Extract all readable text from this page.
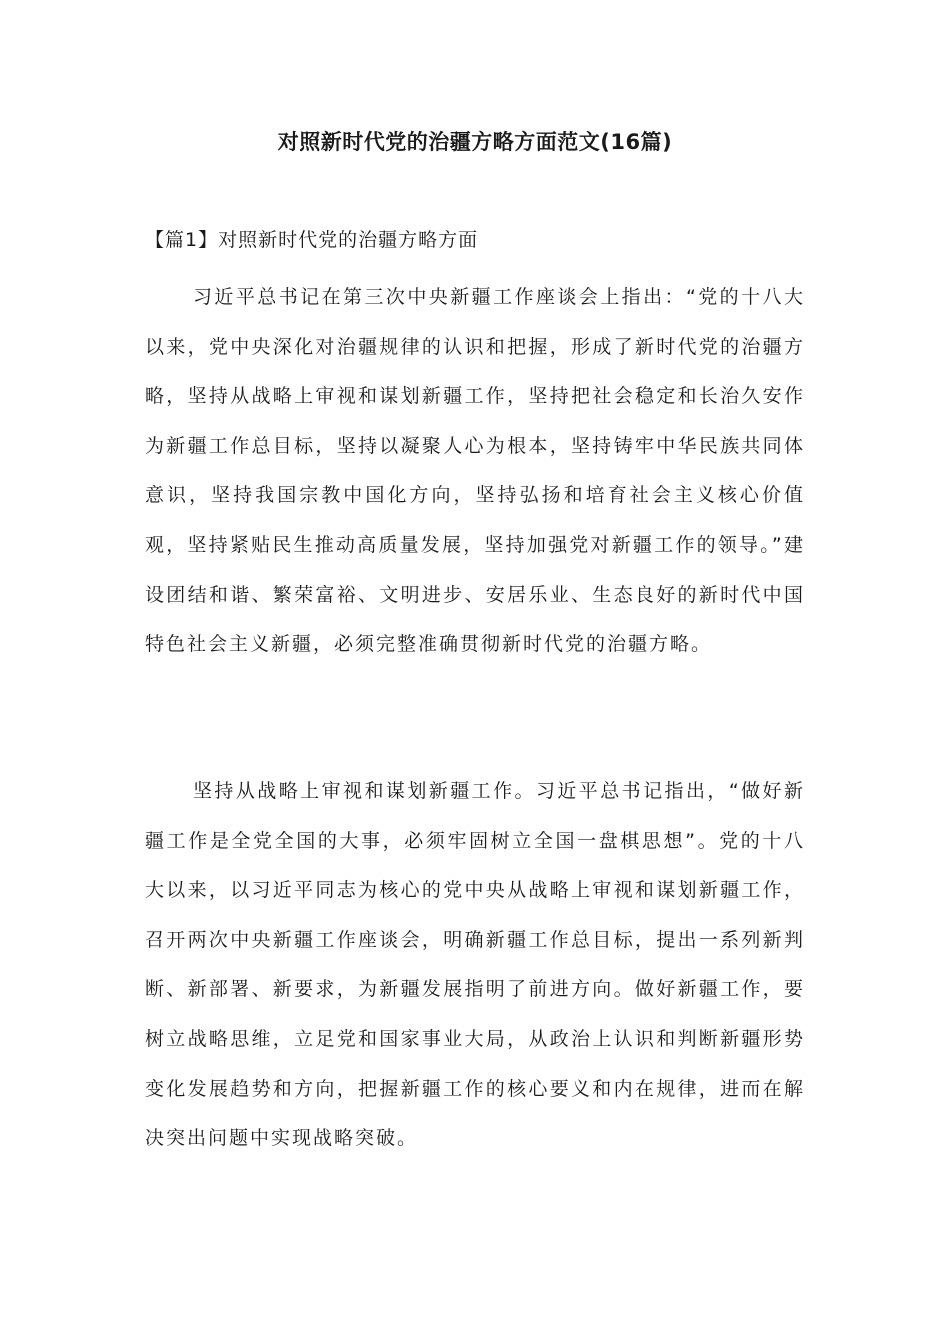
对照新时代党的治疆方略方面范文(16篇)
【篇1】对照新时代党的治疆方略方面

习近平总书记在第三次中央新疆工作座谈会上指出：“党的十八大以来，党中央深化对治疆规律的认识和把握，形成了新时代党的治疆方略，坚持从战略上审视和谋划新疆工作，坚持把社会稳定和长治久安作为新疆工作总目标，坚持以凝聚人心为根本，坚持铸牢中华民族共同体意识，坚持我国宗教中国化方向，坚持弘扬和培育社会主义核心价值观，坚持紧贴民生推动高质量发展，坚持加强党对新疆工作的领导。”建设团结和谐、繁荣富裕、文明进步、安居乐业、生态良好的新时代中国特色社会主义新疆，必须完整准确贯彻新时代党的治疆方略。

坚持从战略上审视和谋划新疆工作。习近平总书记指出，“做好新疆工作是全党全国的大事，必须牢固树立全国一盘棋思想”。党的十八大以来，以习近平同志为核心的党中央从战略上审视和谋划新疆工作，召开两次中央新疆工作座谈会，明确新疆工作总目标，提出一系列新判断、新部署、新要求，为新疆发展指明了前进方向。做好新疆工作，要树立战略思维，立足党和国家事业大局，从政治上认识和判断新疆形势变化发展趋势和方向，把握新疆工作的核心要义和内在规律，进而在解决突出问题中实现战略突破。
